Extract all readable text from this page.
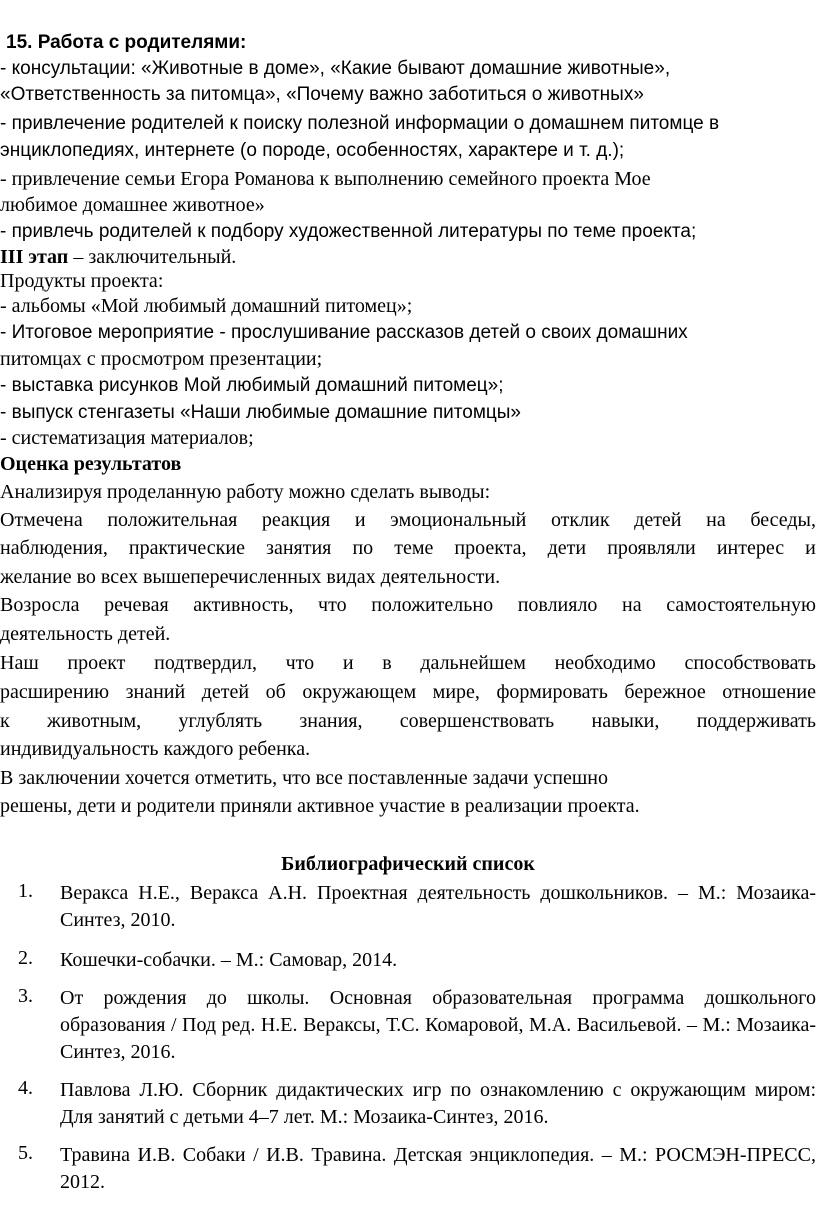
15. Работа с родителями:
- консультации: «Животные в доме», «Какие бывают домашние животные»,
«Ответственность за питомца», «Почему важно заботиться о животных»
- привлечение родителей к поиску полезной информации о домашнем питомце в
энциклопедиях, интернете (о породе, особенностях, характере и т. д.);
- привлечение семьи Егора Романова к выполнению семейного проекта Мое
любимое домашнее животное»
- привлечь родителей к подбору художественной литературы по теме проекта;
III этап – заключительный.
Продукты проекта:
- альбомы «Мой любимый домашний питомец»;
- Итоговое мероприятие - прослушивание рассказов детей о своих домашних
питомцах с просмотром презентации;
- выставка рисунков Мой любимый домашний питомец»;
- выпуск стенгазеты «Наши любимые домашние питомцы»
- систематизация материалов;
Оценка результатов
Анализируя проделанную работу можно сделать выводы:
Отмечена положительная реакция и эмоциональный отклик детей на беседы,
наблюдения, практические занятия по теме проекта, дети проявляли интерес и
желание во всех вышеперечисленных видах деятельности.
Возросла речевая активность, что положительно повлияло на самостоятельную
деятельность детей.
Наш проект подтвердил, что и в дальнейшем необходимо способствовать
расширению знаний детей об окружающем мире, формировать бережное отношение
к животным, углублять знания, совершенствовать навыки, поддерживать
индивидуальность каждого ребенка.
В заключении хочется отметить, что все поставленные задачи успешно
решены, дети и родители приняли активное участие в реализации проекта.
Библиографический список
1.	Веракса Н.Е., Веракса А.Н. Проектная деятельность дошкольников. – М.: Мозаика-Синтез, 2010.
2.	Кошечки-собачки. – М.: Самовар, 2014.
3.	От рождения до школы. Основная образовательная программа дошкольного образования / Под ред. Н.Е. Вераксы, Т.С. Комаровой, М.А. Васильевой. – М.: Мозаика-Синтез, 2016.
4.	Павлова Л.Ю. Сборник дидактических игр по ознакомлению с окружающим миром: Для занятий с детьми 4–7 лет. М.: Мозаика-Синтез, 2016.
5.	Травина И.В. Собаки / И.В. Травина. Детская энциклопедия. – М.: РОСМЭН-ПРЕСС, 2012.
